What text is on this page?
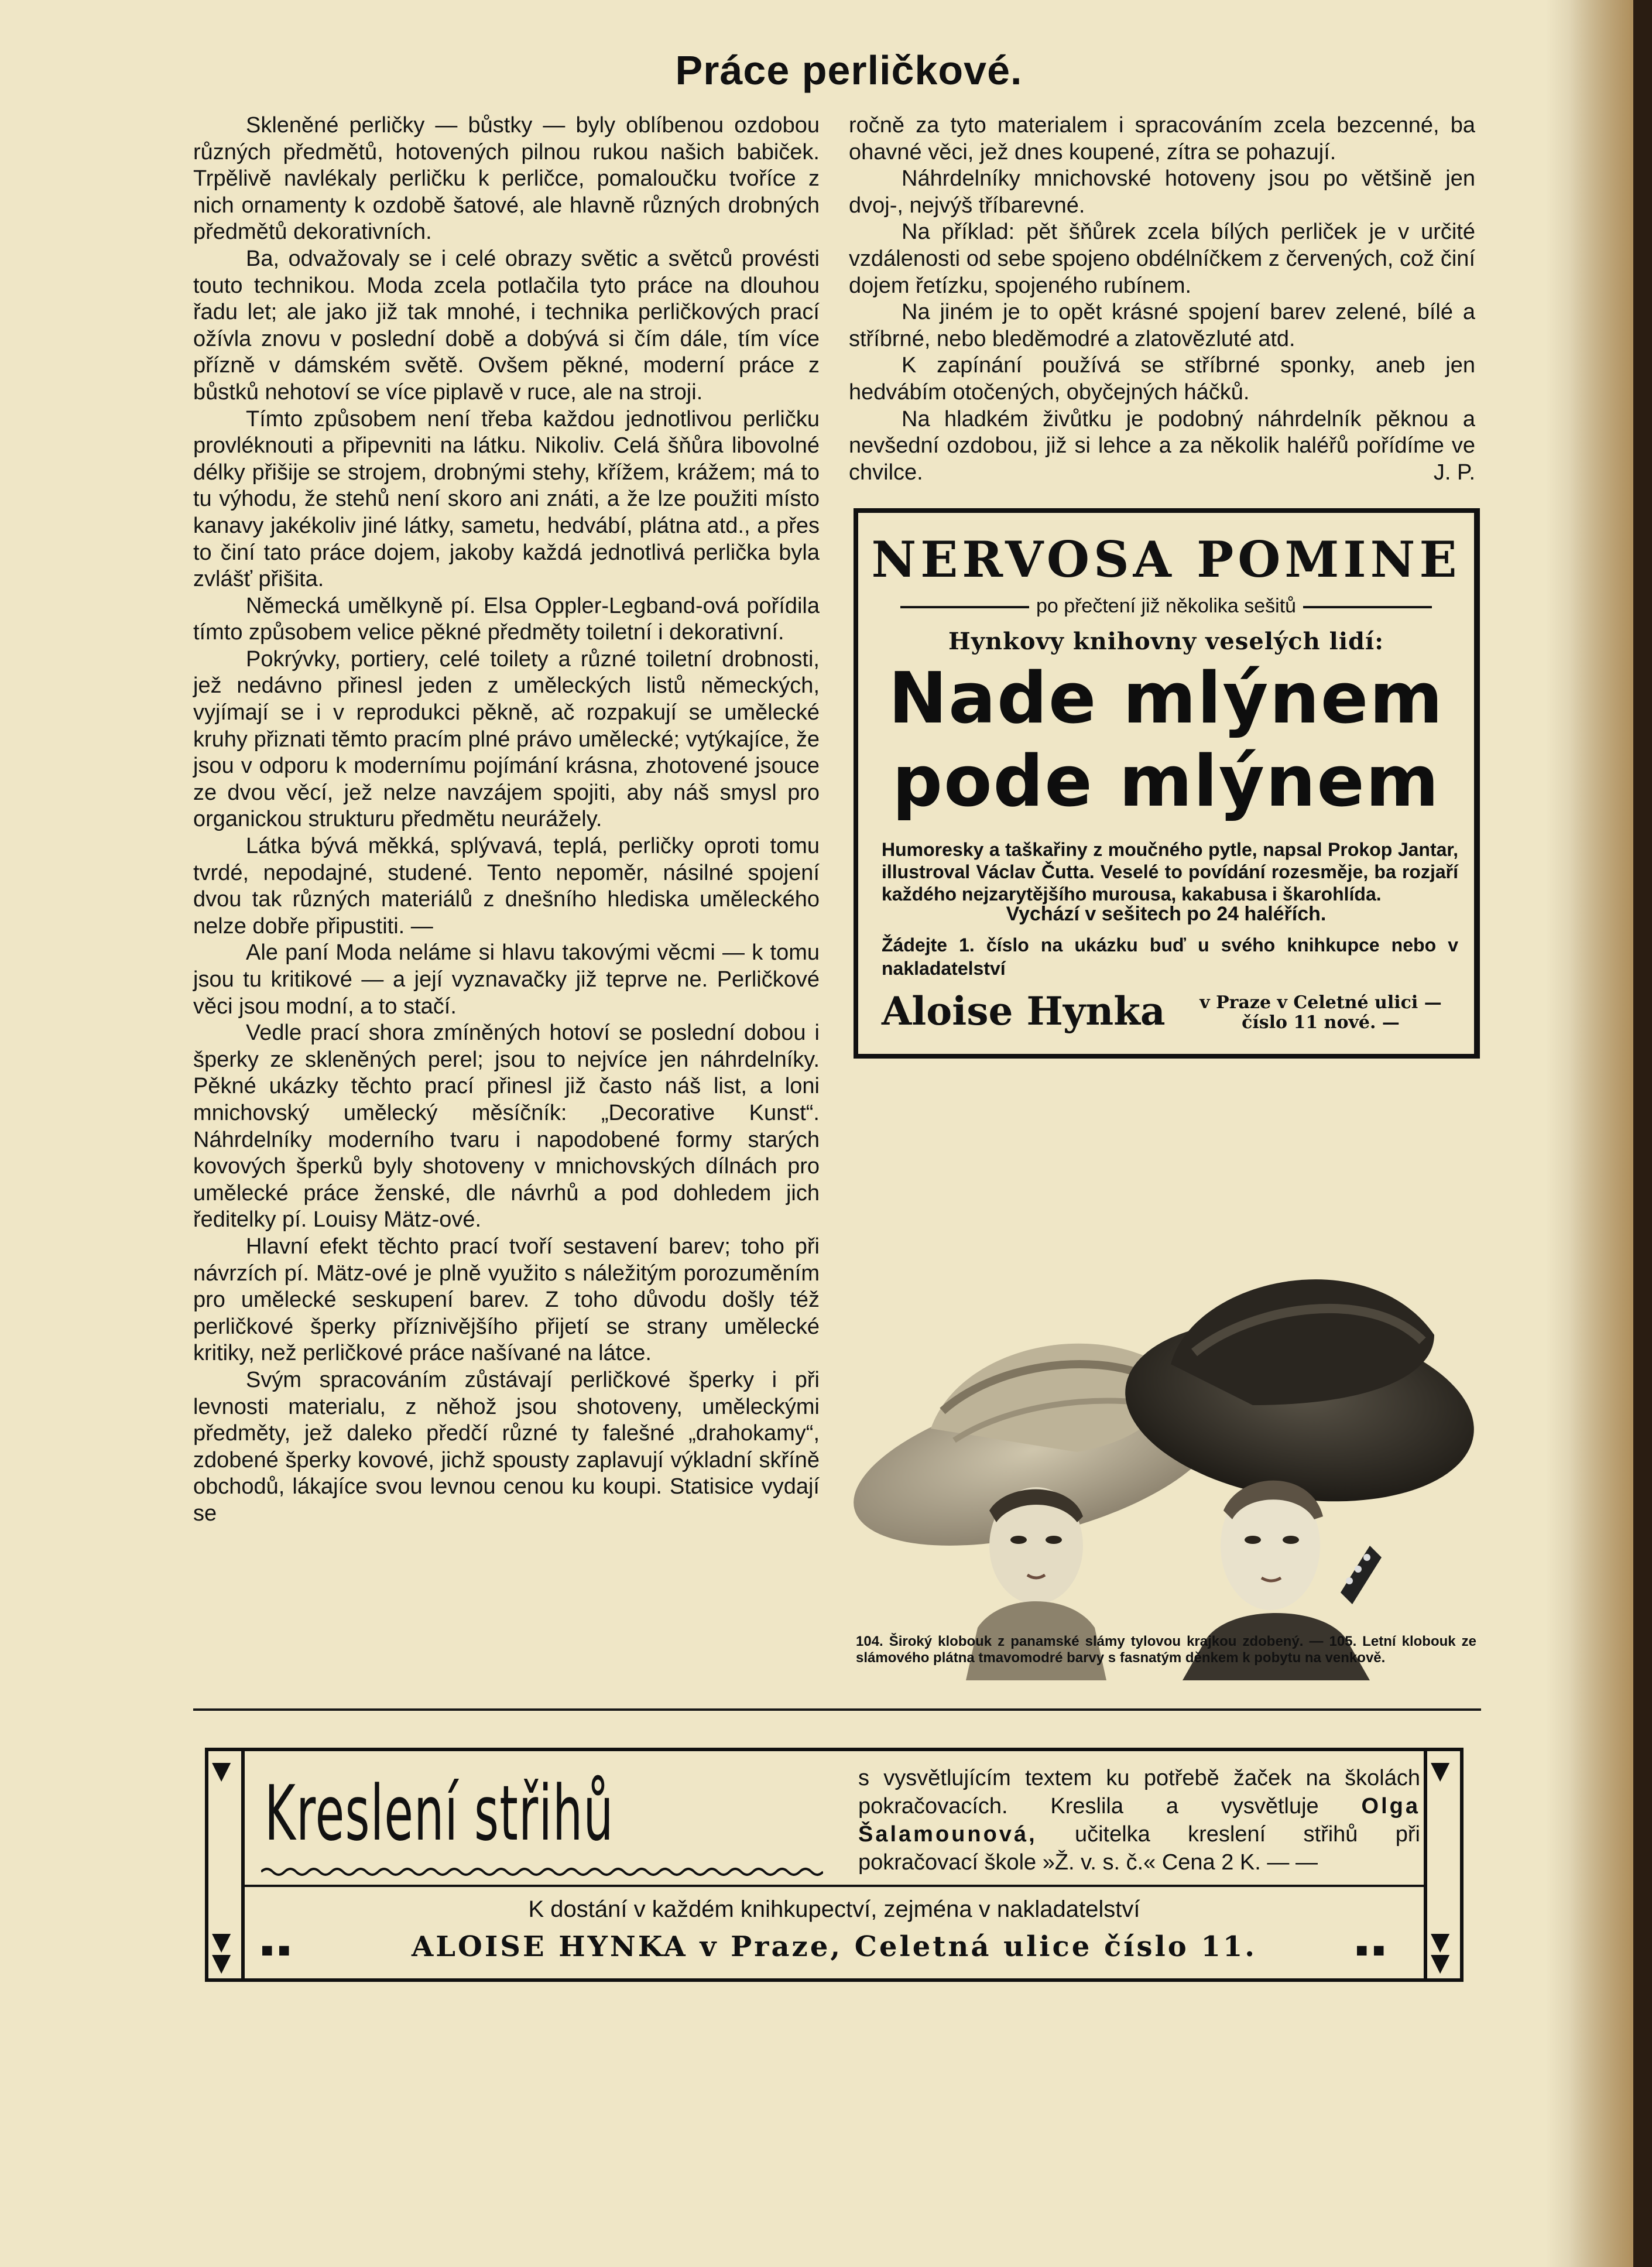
Práce perličkové.

Skleněné perličky — bůstky — byly oblíbenou ozdobou různých předmětů, hotovených pilnou rukou našich babiček. Trpělivě navlékaly perličku k perličce, pomaloučku tvoříce z nich ornamenty k ozdobě šatové, ale hlavně různých drobných předmětů dekorativních.

Ba, odvažovaly se i celé obrazy světic a světců provésti touto technikou. Moda zcela potlačila tyto práce na dlouhou řadu let; ale jako již tak mnohé, i technika perličkových prací ožívla znovu v poslední době a dobývá si čím dále, tím více přízně v dámském světě. Ovšem pěkné, moderní práce z bůstků nehotoví se více piplavě v ruce, ale na stroji.

Tímto způsobem není třeba každou jednotlivou perličku provléknouti a připevniti na látku. Nikoliv. Celá šňůra libovolné délky přišije se strojem, drobnými stehy, křížem, krážem; má to tu výhodu, že stehů není skoro ani znáti, a že lze použiti místo kanavy jakékoliv jiné látky, sametu, hedvábí, plátna atd., a přes to činí tato práce dojem, jakoby každá jednotlivá perlička byla zvlášť přišita.

Německá umělkyně pí. Elsa Oppler-Legband-ová pořídila tímto způsobem velice pěkné předměty toiletní i dekorativní.

Pokrývky, portiery, celé toilety a různé toiletní drobnosti, jež nedávno přinesl jeden z uměleckých listů německých, vyjímají se i v reprodukci pěkně, ač rozpakují se umělecké kruhy přiznati těmto pracím plné právo umělecké; vytýkajíce, že jsou v odporu k modernímu pojímání krásna, zhotovené jsouce ze dvou věcí, jež nelze navzájem spojiti, aby náš smysl pro organickou strukturu předmětu neurážely.

Látka bývá měkká, splývavá, teplá, perličky oproti tomu tvrdé, nepodajné, studené. Tento nepoměr, násilné spojení dvou tak různých materiálů z dnešního hlediska uměleckého nelze dobře připustiti. —

Ale paní Moda neláme si hlavu takovými věcmi — k tomu jsou tu kritikové — a její vyznavačky již teprve ne. Perličkové věci jsou modní, a to stačí.

Vedle prací shora zmíněných hotoví se poslední dobou i šperky ze skleněných perel; jsou to nejvíce jen náhrdelníky. Pěkné ukázky těchto prací přinesl již často náš list, a loni mnichovský umělecký měsíčník: „Decorative Kunst“. Náhrdelníky moderního tvaru i napodobené formy starých kovových šperků byly shotoveny v mnichovských dílnách pro umělecké práce ženské, dle návrhů a pod dohledem jich ředitelky pí. Louisy Mätz-ové.

Hlavní efekt těchto prací tvoří sestavení barev; toho při návrzích pí. Mätz-ové je plně využito s náležitým porozuměním pro umělecké seskupení barev. Z toho důvodu došly též perličkové šperky příznivějšího přijetí se strany umělecké kritiky, než perličkové práce našívané na látce.

Svým spracováním zůstávají perličkové šperky i při levnosti materialu, z něhož jsou shotoveny, uměleckými předměty, jež daleko předčí různé ty falešné „drahokamy“, zdobené šperky kovové, jichž spousty zaplavují výkladní skříně obchodů, lákajíce svou levnou cenou ku koupi. Statisice vydají se

ročně za tyto materialem i spracováním zcela bezcenné, ba ohavné věci, jež dnes koupené, zítra se pohazují.

Náhrdelníky mnichovské hotoveny jsou po většině jen dvoj-, nejvýš tříbarevné.

Na příklad: pět šňůrek zcela bílých perliček je v určité vzdálenosti od sebe spojeno obdélníčkem z červených, což činí dojem řetízku, spojeného rubínem.

Na jiném je to opět krásné spojení barev zelené, bílé a stříbrné, nebo bleděmodré a zlatovězluté atd.

K zapínání používá se stříbrné sponky, aneb jen hedvábím otočených, obyčejných háčků.

Na hladkém živůtku je podobný náhrdelník pěknou a nevšední ozdobou, již si lehce a za několik haléřů pořídíme ve chvilce.	J. P.

NERVOSA POMINE
po přečtení již několika sešitů
Hynkovy knihovny veselých lidí:
Nade mlýnem
pode mlýnem
Humoresky a taškařiny z moučného pytle, napsal Prokop Jantar, illustroval Václav Čutta. Veselé to povídání rozesměje, ba rozjaří každého nejzarytějšího murousa, kakabusa i škarohlída.
Vychází v sešitech po 24 haléřích.
Žádejte 1. číslo na ukázku buď u svého knihkupce nebo v nakladatelství
Aloise Hynka	v Praze v Celetné ulici — číslo 11 nové. —
104. Široký klobouk z panamské slámy tylovou krajkou zdobený. — 105. Letní klobouk ze slámového plátna tmavomodré barvy s fasnatým děnkem k pobytu na venkově.
▼
▼
▼
▼
▼
▼
Kreslení střihů	s vysvětlujícím textem ku potřebě žaček na školách pokračovacích. Kreslila a vysvětluje Olga Šalamounová, učitelka kreslení střihů při pokračovací škole »Ž. v. s. č.« Cena 2 K. — —
K dostání v každém knihkupectví, zejména v nakladatelství
■ ■	ALOISE HYNKA v Praze, Celetná ulice číslo 11.	■ ■
